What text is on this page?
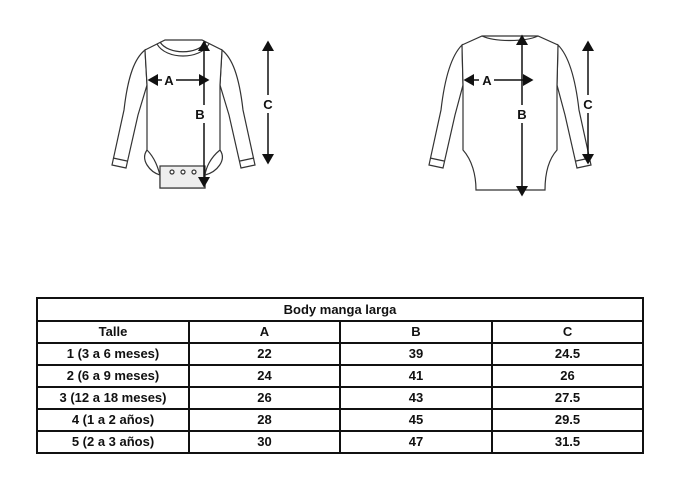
A
B
C
A
B
C
Body manga larga			
Talle	A	B	C
1 (3 a 6 meses)	22	39	24.5
2 (6 a 9 meses)	24	41	26
3 (12 a 18 meses)	26	43	27.5
4 (1 a 2 años)	28	45	29.5
5 (2 a 3 años)	30	47	31.5
